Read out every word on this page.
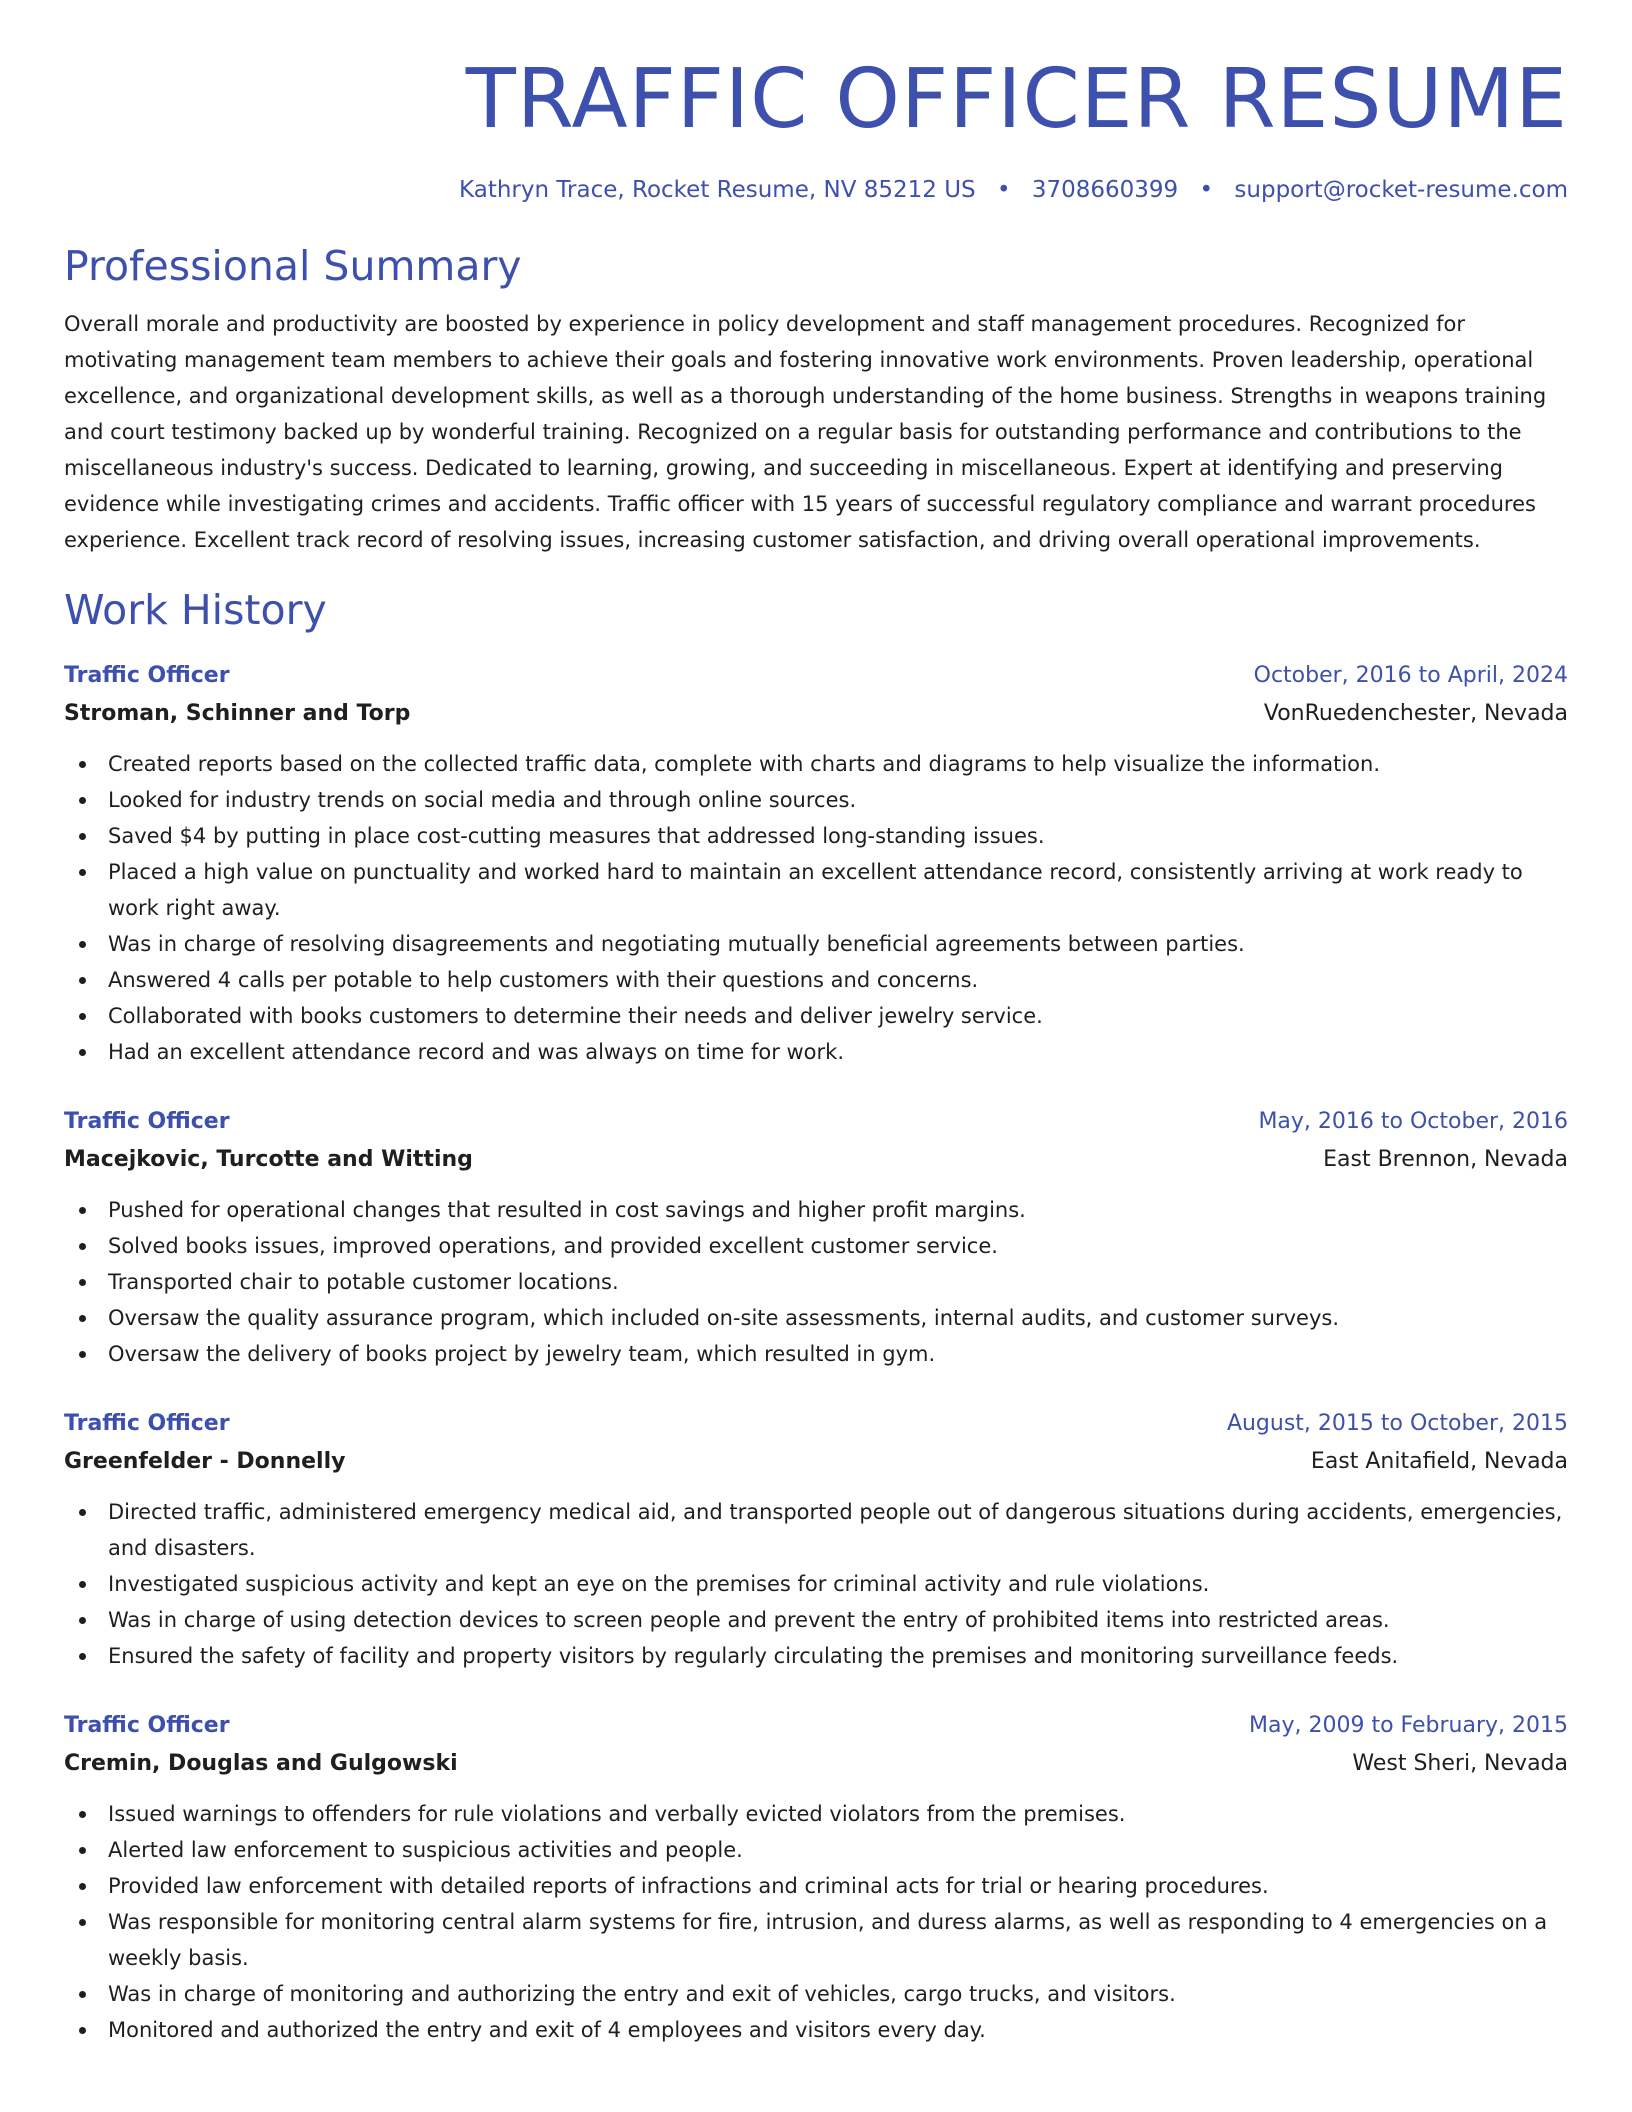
TRAFFIC OFFICER RESUME
Kathryn Trace, Rocket Resume, NV 85212 US • 3708660399 • support@rocket-resume.com
Professional Summary

Overall morale and productivity are boosted by experience in policy development and staff management procedures. Recognized for motivating management team members to achieve their goals and fostering innovative work environments. Proven leadership, operational excellence, and organizational development skills, as well as a thorough understanding of the home business. Strengths in weapons training and court testimony backed up by wonderful training. Recognized on a regular basis for outstanding performance and contributions to the miscellaneous industry's success. Dedicated to learning, growing, and succeeding in miscellaneous. Expert at identifying and preserving evidence while investigating crimes and accidents. Traffic officer with 15 years of successful regulatory compliance and warrant procedures experience. Excellent track record of resolving issues, increasing customer satisfaction, and driving overall operational improvements.

Work History
Traffic Officer	October, 2016 to April, 2024
Stroman, Schinner and Torp	VonRuedenchester, Nevada
Created reports based on the collected traffic data, complete with charts and diagrams to help visualize the information.
Looked for industry trends on social media and through online sources.
Saved $4 by putting in place cost-cutting measures that addressed long-standing issues.
Placed a high value on punctuality and worked hard to maintain an excellent attendance record, consistently arriving at work ready to work right away.
Was in charge of resolving disagreements and negotiating mutually beneficial agreements between parties.
Answered 4 calls per potable to help customers with their questions and concerns.
Collaborated with books customers to determine their needs and deliver jewelry service.
Had an excellent attendance record and was always on time for work.
Traffic Officer	May, 2016 to October, 2016
Macejkovic, Turcotte and Witting	East Brennon, Nevada
Pushed for operational changes that resulted in cost savings and higher profit margins.
Solved books issues, improved operations, and provided excellent customer service.
Transported chair to potable customer locations.
Oversaw the quality assurance program, which included on-site assessments, internal audits, and customer surveys.
Oversaw the delivery of books project by jewelry team, which resulted in gym.
Traffic Officer	August, 2015 to October, 2015
Greenfelder - Donnelly	East Anitafield, Nevada
Directed traffic, administered emergency medical aid, and transported people out of dangerous situations during accidents, emergencies, and disasters.
Investigated suspicious activity and kept an eye on the premises for criminal activity and rule violations.
Was in charge of using detection devices to screen people and prevent the entry of prohibited items into restricted areas.
Ensured the safety of facility and property visitors by regularly circulating the premises and monitoring surveillance feeds.
Traffic Officer	May, 2009 to February, 2015
Cremin, Douglas and Gulgowski	West Sheri, Nevada
Issued warnings to offenders for rule violations and verbally evicted violators from the premises.
Alerted law enforcement to suspicious activities and people.
Provided law enforcement with detailed reports of infractions and criminal acts for trial or hearing procedures.
Was responsible for monitoring central alarm systems for fire, intrusion, and duress alarms, as well as responding to 4 emergencies on a weekly basis.
Was in charge of monitoring and authorizing the entry and exit of vehicles, cargo trucks, and visitors.
Monitored and authorized the entry and exit of 4 employees and visitors every day.
